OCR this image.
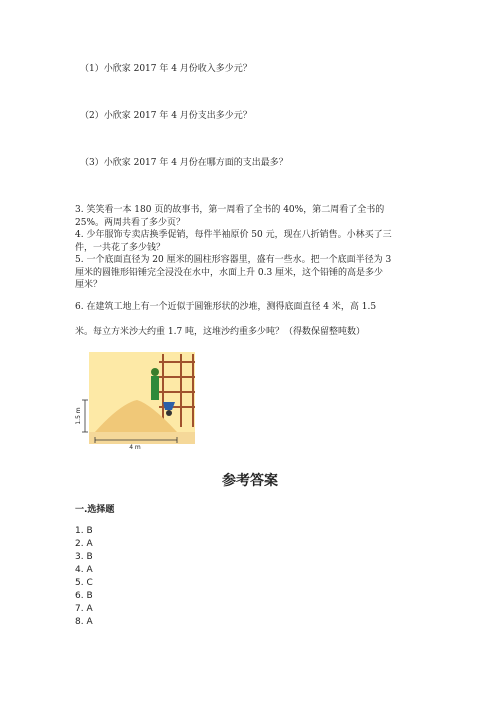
（1）小欣家 2017 年 4 月份收入多少元？
（2）小欣家 2017 年 4 月份支出多少元？
（3）小欣家 2017 年 4 月份在哪方面的支出最多？
3. 笑笑看一本 180 页的故事书，第一周看了全书的 40%，第二周看了全书的
25%。两周共看了多少页？
4. 少年服饰专卖店换季促销，每件半袖原价 50 元，现在八折销售。小林买了三
件，一共花了多少钱？
5. 一个底面直径为 20 厘米的圆柱形容器里，盛有一些水。把一个底面半径为 3
厘米的圆锥形铅锤完全浸没在水中，水面上升 0.3 厘米，这个铅锤的高是多少
厘米？
6. 在建筑工地上有一个近似于圆锥形状的沙堆，测得底面直径 4 米，高 1.5
米。每立方米沙大约重 1.7 吨，这堆沙约重多少吨？（得数保留整吨数）
1.5 m
4 m
参考答案
一.选择题
1. B
2. A
3. B
4. A
5. C
6. B
7. A
8. A
